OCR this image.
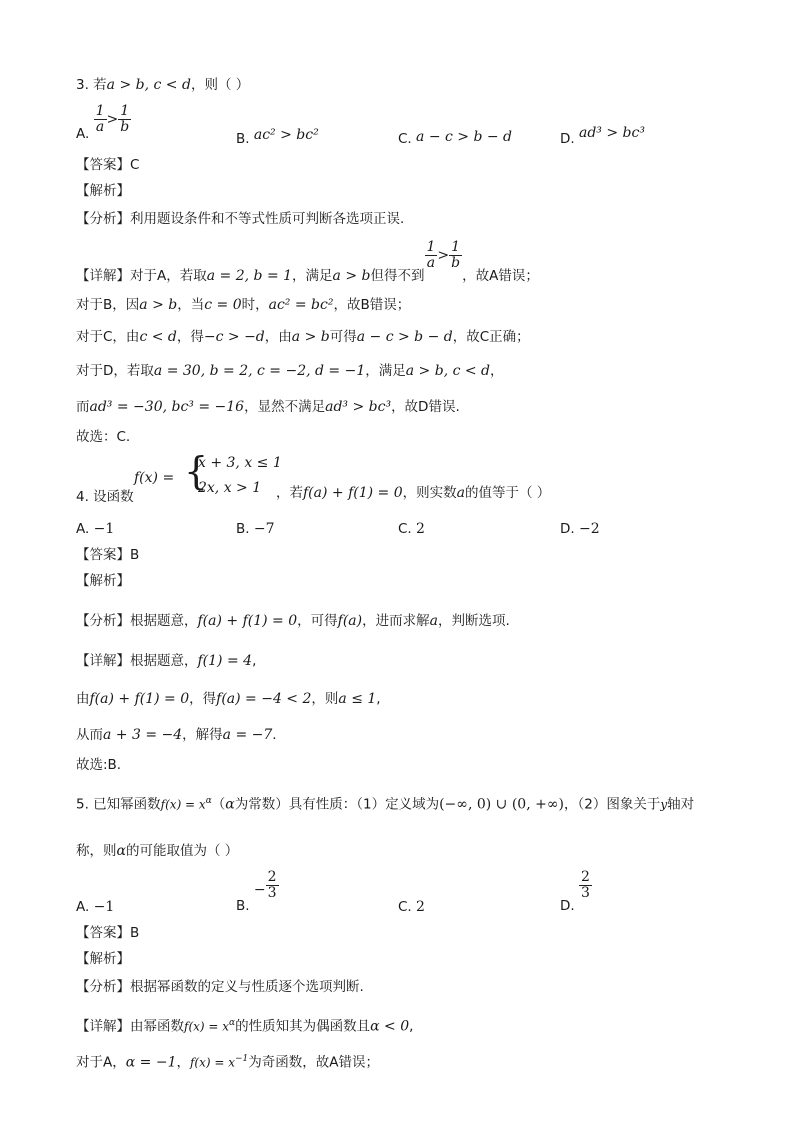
3. 若a > b, c < d，则（ ）
A. $\frac{1}{a} > \frac{1}{b}$
B. ac² > bc²	C. a − c > b − d	D. ad³ > bc³
【答案】C
【解析】
【分析】利用题设条件和不等式性质可判断各选项正误.
【详解】对于A，若取a = 2, b = 1，满足a > b但得不到
$\frac{1}{a} > \frac{1}{b}$
，故A错误；
对于B，因a > b，当c = 0时，ac² = bc²，故B错误；
对于C，由c < d，得−c > −d，由a > b可得a − c > b − d，故C正确；
对于D，若取a = 30, b = 2, c = −2, d = −1，满足a > b, c < d，
而ad³ = −30, bc³ = −16，显然不满足ad³ > bc³，故D错误.
故选：C.
4. 设函数
f(x) = {
x + 3, x ≤ 1
2x, x > 1 ，若f(a) + f(1) = 0，则实数a的值等于（ ）
A. −1	B. −7	C. 2	D. −2
【答案】B
【解析】
【分析】根据题意，f(a) + f(1) = 0，可得f(a)，进而求解a，判断选项.
【详解】根据题意，f(1) = 4,
由f(a) + f(1) = 0，得f(a) = −4 < 2，则a ≤ 1,
从而a + 3 = −4，解得a = −7.
故选:B.
5. 已知幂函数$f(x) = x^\alpha(\alpha$为常数）具有性质：（1）定义域为(−∞, 0) ∪ (0, +∞)，（2）图象关于y轴对
称，则α的可能取值为（ ）
A. −1	B. − $\frac{2}{3}$
C. 2	D.
$\frac{2}{3}$
【答案】B
【解析】
【分析】根据幂函数的定义与性质逐个选项判断.
【详解】由幂函数$f(x) = x^\alpha$的性质知其为偶函数且α < 0,
对于A，α = −1，$f(x) = x^{-1}$为奇函数，故A错误；
